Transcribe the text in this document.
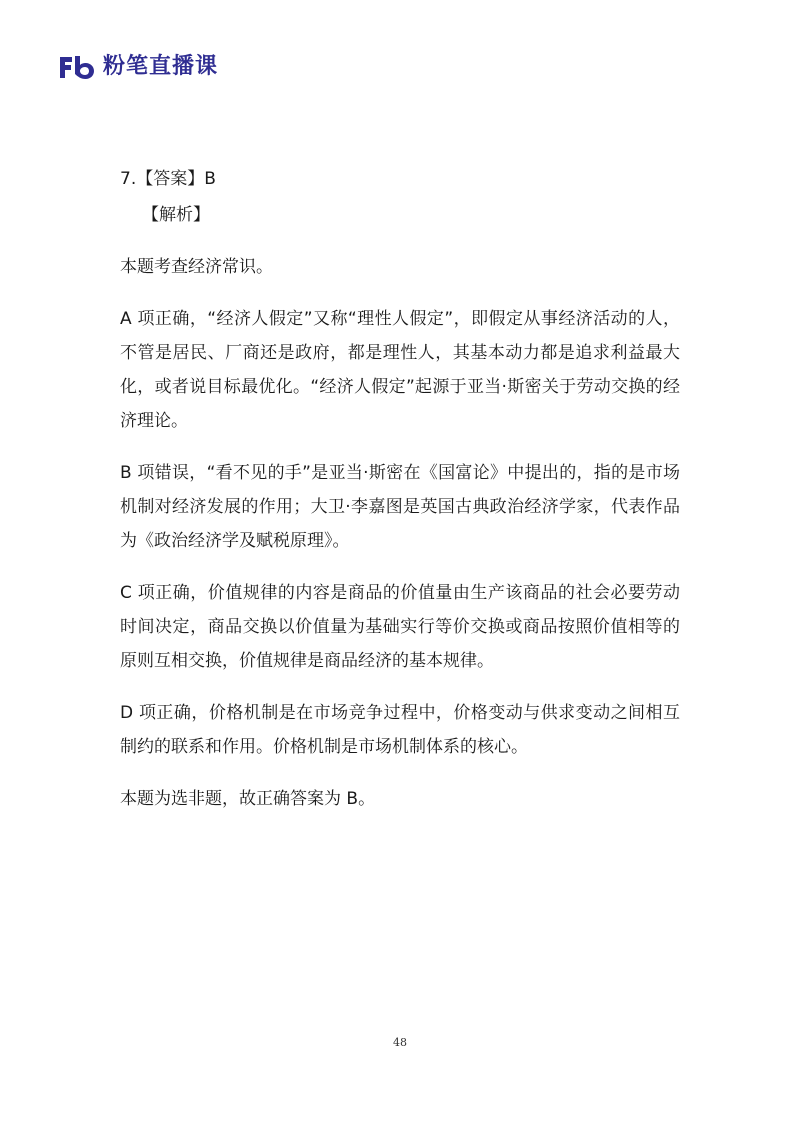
粉笔直播课

7.【答案】B

【解析】

本题考查经济常识。

A 项正确，“经济人假定”又称“理性人假定”，即假定从事经济活动的人，不管是居民、厂商还是政府，都是理性人，其基本动力都是追求利益最大化，或者说目标最优化。“经济人假定”起源于亚当·斯密关于劳动交换的经济理论。

B 项错误，“看不见的手”是亚当·斯密在《国富论》中提出的，指的是市场机制对经济发展的作用；大卫·李嘉图是英国古典政治经济学家，代表作品为《政治经济学及赋税原理》。

C 项正确，价值规律的内容是商品的价值量由生产该商品的社会必要劳动时间决定，商品交换以价值量为基础实行等价交换或商品按照价值相等的原则互相交换，价值规律是商品经济的基本规律。

D 项正确，价格机制是在市场竞争过程中，价格变动与供求变动之间相互制约的联系和作用。价格机制是市场机制体系的核心。

本题为选非题，故正确答案为 B。

48
